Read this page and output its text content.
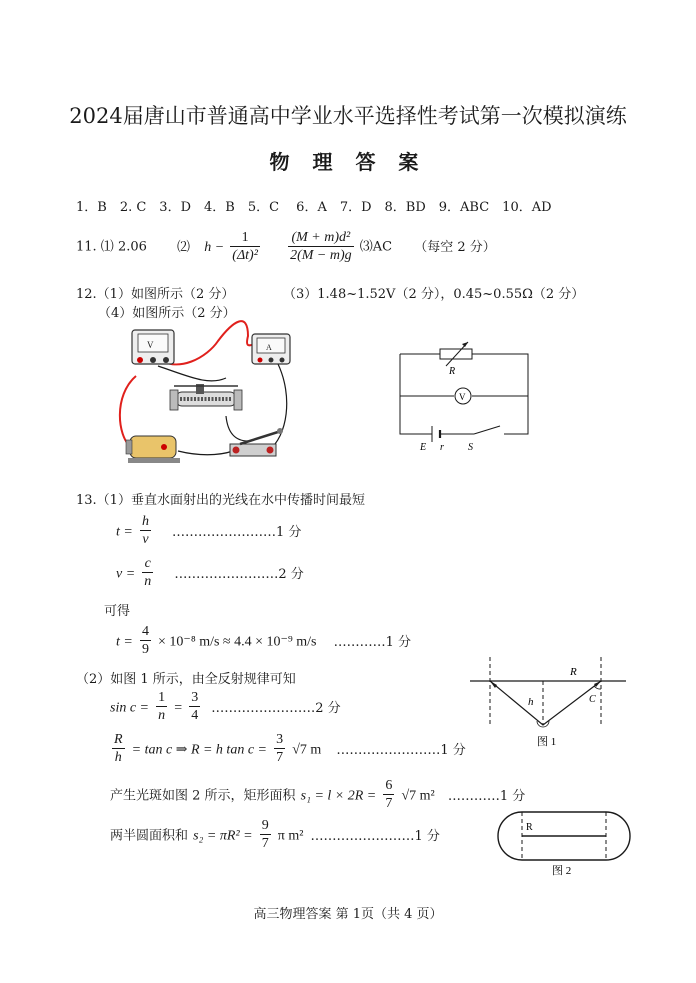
2024届唐山市普通高中学业水平选择性考试第一次模拟演练
物 理 答 案
1．B　2. C　3．D　4．B　5．C　 6．A　7．D　8．BD　9．ABC　10．AD
11. ⑴ 2.06 ⑵ $h - \frac{1}{\text{(Δt)²}}$
$\frac{\text{(M + m)d²}}{2(M - m)g}$ ⑶AC （每空 2 分）
12.（1）如图所示（2 分）	（3）1.48~1.52V（2 分），0.45~0.55Ω（2 分）
（4）如图所示（2 分）
V	A
R
V
E r S
13.（1）垂直水面射出的光线在水中传播时间最短
$t = \frac{h}{v}$ ……………………1 分
$v = \frac{c}{n}$ ……………………2 分
可得
$t = \frac{4}{9} \times 10^{-8}$ m/s ≈ 4.4 × 10⁻⁹ m/s …………1 分
（2）如图 1 所示，由全反射规律可知
$\sin c = \frac{1}{n} = \frac{3}{4}$ ……………………2 分
$\frac{R}{h} = \tan c$ ⇒ R = h $\tan c = \frac{3}{7} √7$ m ……………………1 分
产生光斑如图 2 所示，矩形面积 $s_1 = l \times 2R = \frac{6}{7} √7$ m² …………1 分
两半圆面积和 $s_2 = \pi R^2 = \frac{9}{7}$ π m² ……………………1 分
R
h	C
图 1
R
图 2
高三物理答案 第 1页（共 4 页）
